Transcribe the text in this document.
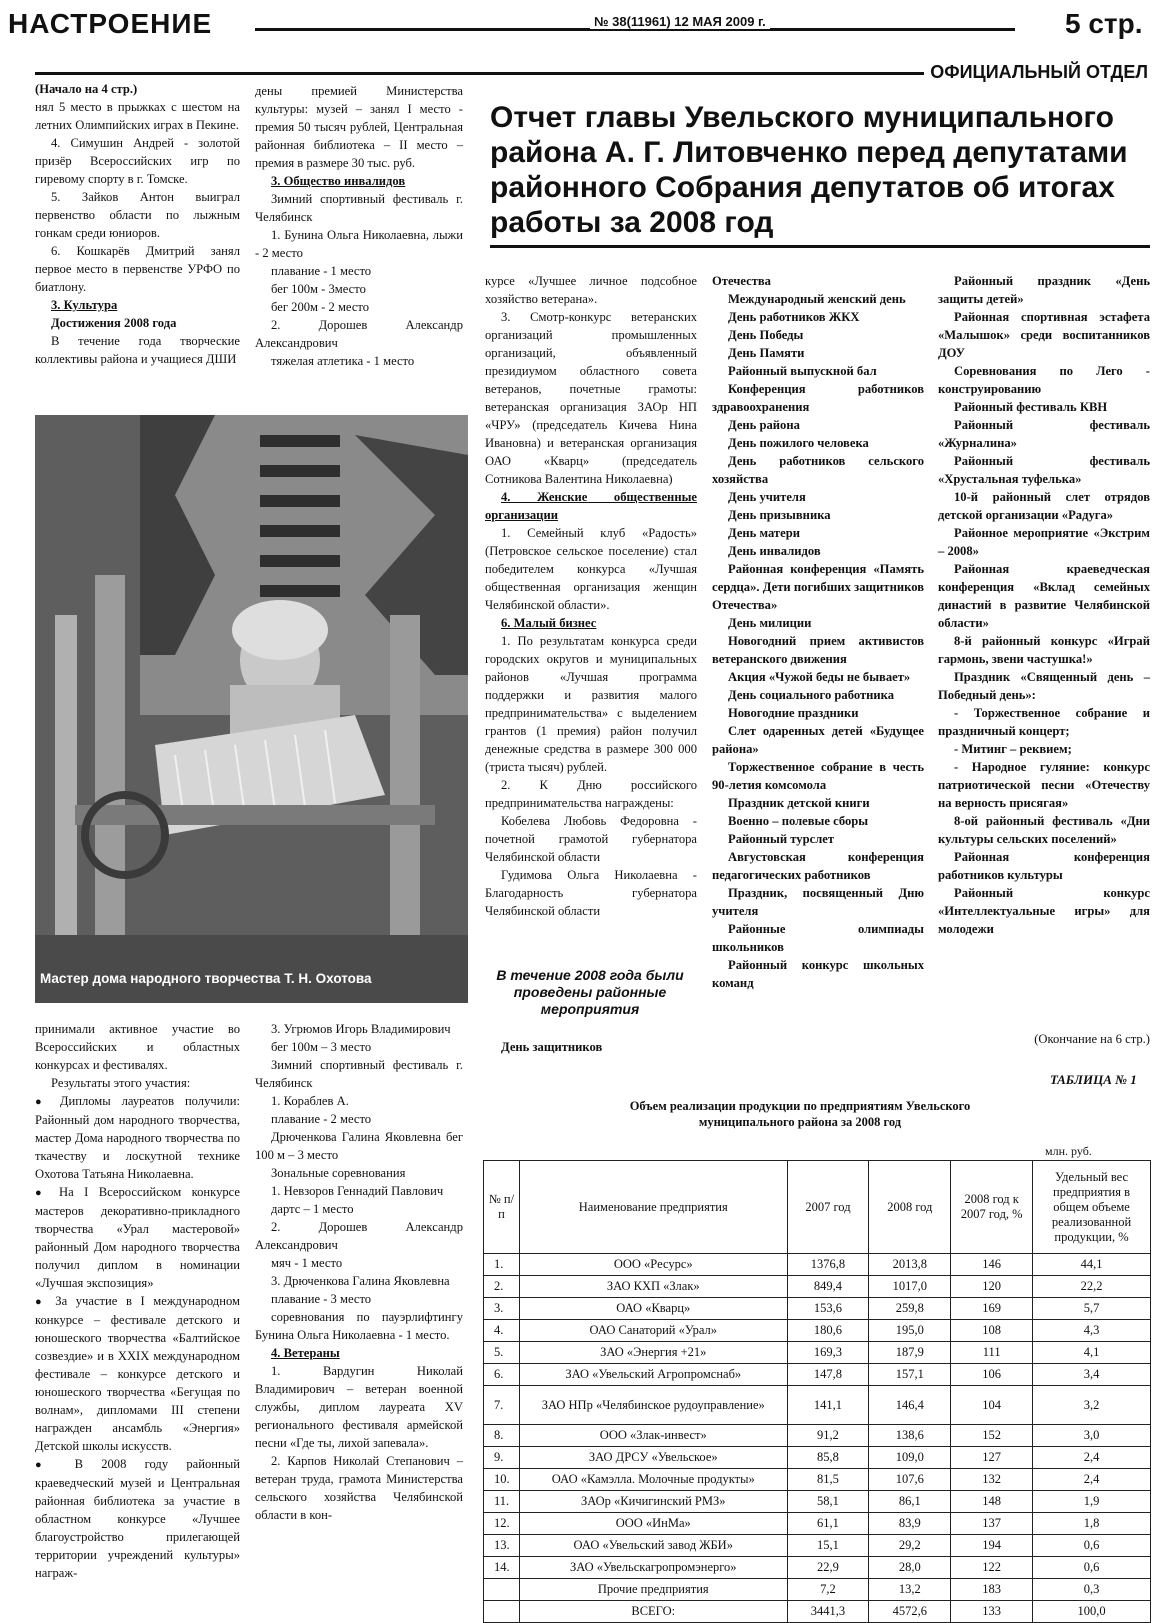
НАСТРОЕНИЕ	№ 38(11961) 12 МАЯ 2009 г.	5 стр.
ОФИЦИАЛЬНЫЙ ОТДЕЛ
Отчет главы Увельского муниципального района А. Г. Литовченко перед депутатами районного Собрания депутатов об итогах работы за 2008 год

(Начало на 4 стр.)

нял 5 место в прыжках с шестом на летних Олимпийских играх в Пекине.

4. Симушин Андрей - золотой призёр Всероссийских игр по гиревому спорту в г. Томске.

5. Зайков Антон выиграл первенство области по лыжным гонкам среди юниоров.

6. Кошкарёв Дмитрий занял первое место в первенстве УРФО по биатлону.

3. Культура

Достижения 2008 года

В течение года творческие коллективы района и учащиеся ДШИ

дены премией Министерства культуры: музей – занял I место - премия 50 тысяч рублей, Центральная районная библиотека – II место – премия в размере 30 тыс. руб.

3. Общество инвалидов

Зимний спортивный фестиваль г. Челябинск

1. Бунина Ольга Николаевна, лыжи - 2 место

плавание - 1 место

бег 100м - 3место

бег 200м - 2 место

2. Дорошев Александр Александрович

тяжелая атлетика - 1 место

Мастер дома народного творчества Т. Н. Охотова

принимали активное участие во Всероссийских и областных конкурсах и фестивалях.

Результаты этого участия:

● Дипломы лауреатов получили: Районный дом народного творчества, мастер Дома народного творчества по ткачеству и лоскутной технике Охотова Татьяна Николаевна.

● На I Всероссийском конкурсе мастеров декоративно-прикладного творчества «Урал мастеровой» районный Дом народного творчества получил диплом в номинации «Лучшая экспозиция»

● За участие в I международном конкурсе – фестивале детского и юношеского творчества «Балтийское созвездие» и в XXIX международном фестивале – конкурсе детского и юношеского творчества «Бегущая по волнам», дипломами III степени награжден ансамбль «Энергия» Детской школы искусств.

● В 2008 году районный краеведческий музей и Центральная районная библиотека за участие в областном конкурсе «Лучшее благоустройство прилегающей территории учреждений культуры» награж-

3. Угрюмов Игорь Владимирович

бег 100м – 3 место

Зимний спортивный фестиваль г. Челябинск

1. Кораблев А.

плавание - 2 место

Дрюченкова Галина Яковлевна бег 100 м – 3 место

Зональные соревнования

1. Невзоров Геннадий Павлович

дартс – 1 место

2. Дорошев Александр Александрович

мяч - 1 место

3. Дрюченкова Галина Яковлевна

плавание - 3 место

соревнования по пауэрлифтингу Бунина Ольга Николаевна - 1 место.

4. Ветераны

1. Вардугин Николай Владимирович – ветеран военной службы, диплом лауреата XV регионального фестиваля армейской песни «Где ты, лихой запевала».

2. Карпов Николай Степанович – ветеран труда, грамота Министерства сельского хозяйства Челябинской области в кон-

курсе «Лучшее личное подсобное хозяйство ветерана».

3. Смотр-конкурс ветеранских организаций промышленных организаций, объявленный президиумом областного совета ветеранов, почетные грамоты: ветеранская организация ЗАОр НП «ЧРУ» (председатель Кичева Нина Ивановна) и ветеранская организация ОАО «Кварц» (председатель Сотникова Валентина Николаевна)

4. Женские общественные организации

1. Семейный клуб «Радость» (Петровское сельское поселение) стал победителем конкурса «Лучшая общественная организация женщин Челябинской области».

6. Малый бизнес

1. По результатам конкурса среди городских округов и муниципальных районов «Лучшая программа поддержки и развития малого предпринимательства» с выделением грантов (1 премия) район получил денежные средства в размере 300 000 (триста тысяч) рублей.

2. К Дню российского предпринимательства награждены:

Кобелева Любовь Федоровна - почетной грамотой губернатора Челябинской области

Гудимова Ольга Николаевна - Благодарность губернатора Челябинской области

В течение 2008 года были проведены районные мероприятия

День защитников

Отечества

Международный женский день

День работников ЖКХ

День Победы

День Памяти

Районный выпускной бал

Конференция работников здравоохранения

День района

День пожилого человека

День работников сельского хозяйства

День учителя

День призывника

День матери

День инвалидов

Районная конференция «Память сердца». Дети погибших защитников Отечества»

День милиции

Новогодний прием активистов ветеранского движения

Акция «Чужой беды не бывает»

День социального работника

Новогодние праздники

Слет одаренных детей «Будущее района»

Торжественное собрание в честь 90-летия комсомола

Праздник детской книги

Военно – полевые сборы

Районный турслет

Августовская конференция педагогических работников

Праздник, посвященный Дню учителя

Районные олимпиады школьников

Районный конкурс школьных команд

Районный праздник «День защиты детей»

Районная спортивная эстафета «Малышок» среди воспитанников ДОУ

Соревнования по Лего - конструированию

Районный фестиваль КВН

Районный фестиваль «Журналина»

Районный фестиваль «Хрустальная туфелька»

10-й районный слет отрядов детской организации «Радуга»

Районное мероприятие «Экстрим – 2008»

Районная краеведческая конференция «Вклад семейных династий в развитие Челябинской области»

8-й районный конкурс «Играй гармонь, звени частушка!»

Праздник «Священный день – Победный день»:

- Торжественное собрание и праздничный концерт;

- Митинг – реквием;

- Народное гуляние: конкурс патриотической песни «Отечеству на верность присягая»

8-ой районный фестиваль «Дни культуры сельских поселений»

Районная конференция работников культуры

Районный конкурс «Интеллектуальные игры» для молодежи

(Окончание на 6 стр.)

ТАБЛИЦА № 1
Объем реализации продукции по предприятиям Увельского муниципального района за 2008 год
млн. руб.
№ п/п	Наименование предприятия	2007 год	2008 год	2008 год к 2007 год, %	Удельный вес предприятия в общем объеме реализованной продукции, %
1.	ООО «Ресурс»	1376,8	2013,8	146	44,1
2.	ЗАО КХП «Злак»	849,4	1017,0	120	22,2
3.	ОАО «Кварц»	153,6	259,8	169	5,7
4.	ОАО Санаторий «Урал»	180,6	195,0	108	4,3
5.	ЗАО «Энергия +21»	169,3	187,9	111	4,1
6.	ЗАО «Увельский Агропромснаб»	147,8	157,1	106	3,4
7.	ЗАО НПр «Челябинское рудоуправление»	141,1	146,4	104	3,2
8.	ООО «Злак-инвест»	91,2	138,6	152	3,0
9.	ЗАО ДРСУ «Увельское»	85,8	109,0	127	2,4
10.	ОАО «Камэлла. Молочные продукты»	81,5	107,6	132	2,4
11.	ЗАОр «Кичигинский РМЗ»	58,1	86,1	148	1,9
12.	ООО «ИнМа»	61,1	83,9	137	1,8
13.	ОАО «Увельский завод ЖБИ»	15,1	29,2	194	0,6
14.	ЗАО «Увельскагропромэнерго»	22,9	28,0	122	0,6
	Прочие предприятия	7,2	13,2	183	0,3
	ВСЕГО:	3441,3	4572,6	133	100,0
